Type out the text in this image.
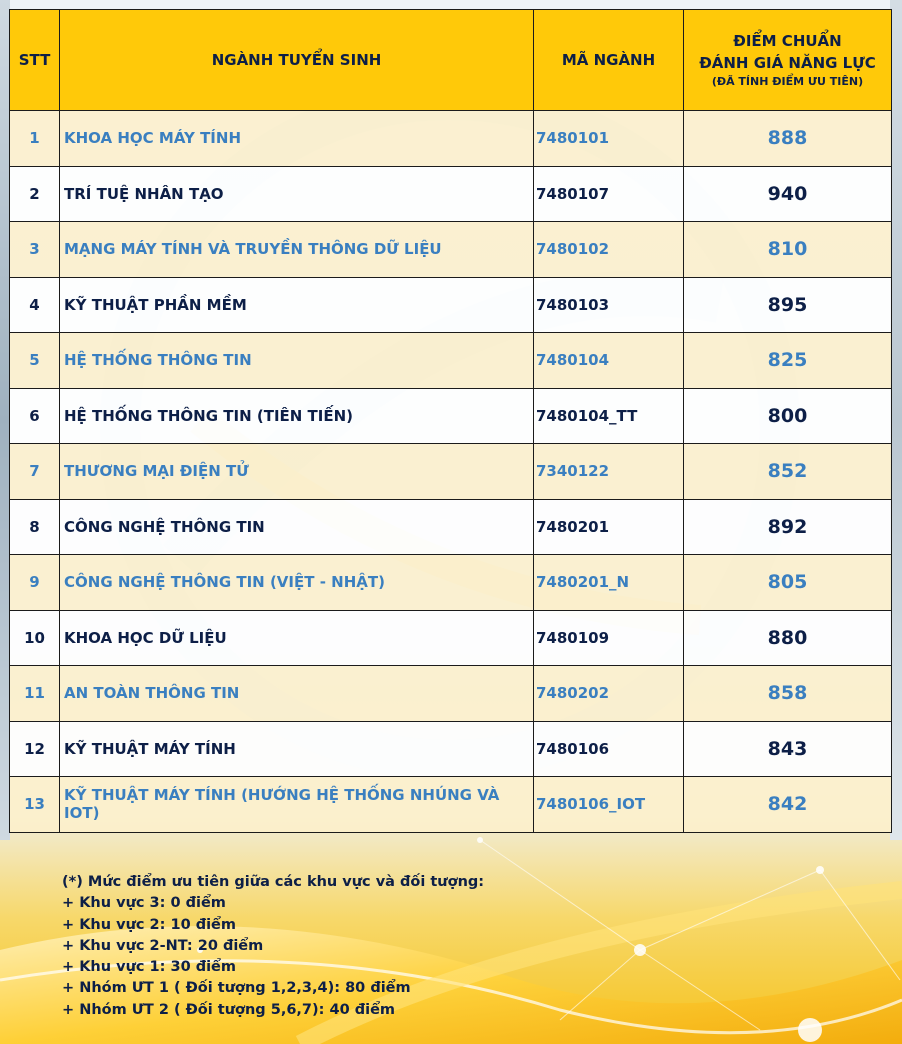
STT	NGÀNH TUYỂN SINH	MÃ NGÀNH	ĐIỂM CHUẨN
ĐÁNH GIÁ NĂNG LỰC
(ĐÃ TÍNH ĐIỂM ƯU TIÊN)

1	KHOA HỌC MÁY TÍNH	7480101	888
2	TRÍ TUỆ NHÂN TẠO	7480107	940
3	MẠNG MÁY TÍNH VÀ TRUYỀN THÔNG DỮ LIỆU	7480102	810
4	KỸ THUẬT PHẦN MỀM	7480103	895
5	HỆ THỐNG THÔNG TIN	7480104	825
6	HỆ THỐNG THÔNG TIN (TIÊN TIẾN)	7480104_TT	800
7	THƯƠNG MẠI ĐIỆN TỬ	7340122	852
8	CÔNG NGHỆ THÔNG TIN	7480201	892
9	CÔNG NGHỆ THÔNG TIN (VIỆT - NHẬT)	7480201_N	805
10	KHOA HỌC DỮ LIỆU	7480109	880
11	AN TOÀN THÔNG TIN	7480202	858
12	KỸ THUẬT MÁY TÍNH	7480106	843
13	KỸ THUẬT MÁY TÍNH (HƯỚNG HỆ THỐNG NHÚNG VÀ IOT)	7480106_IOT	842
(*) Mức điểm ưu tiên giữa các khu vực và đối tượng:
+ Khu vực 3: 0 điểm
+ Khu vực 2: 10 điểm
+ Khu vực 2-NT: 20 điểm
+ Khu vực 1: 30 điểm
+ Nhóm ƯT 1 ( Đối tượng 1,2,3,4): 80 điểm
+ Nhóm ƯT 2 ( Đối tượng 5,6,7): 40 điểm
